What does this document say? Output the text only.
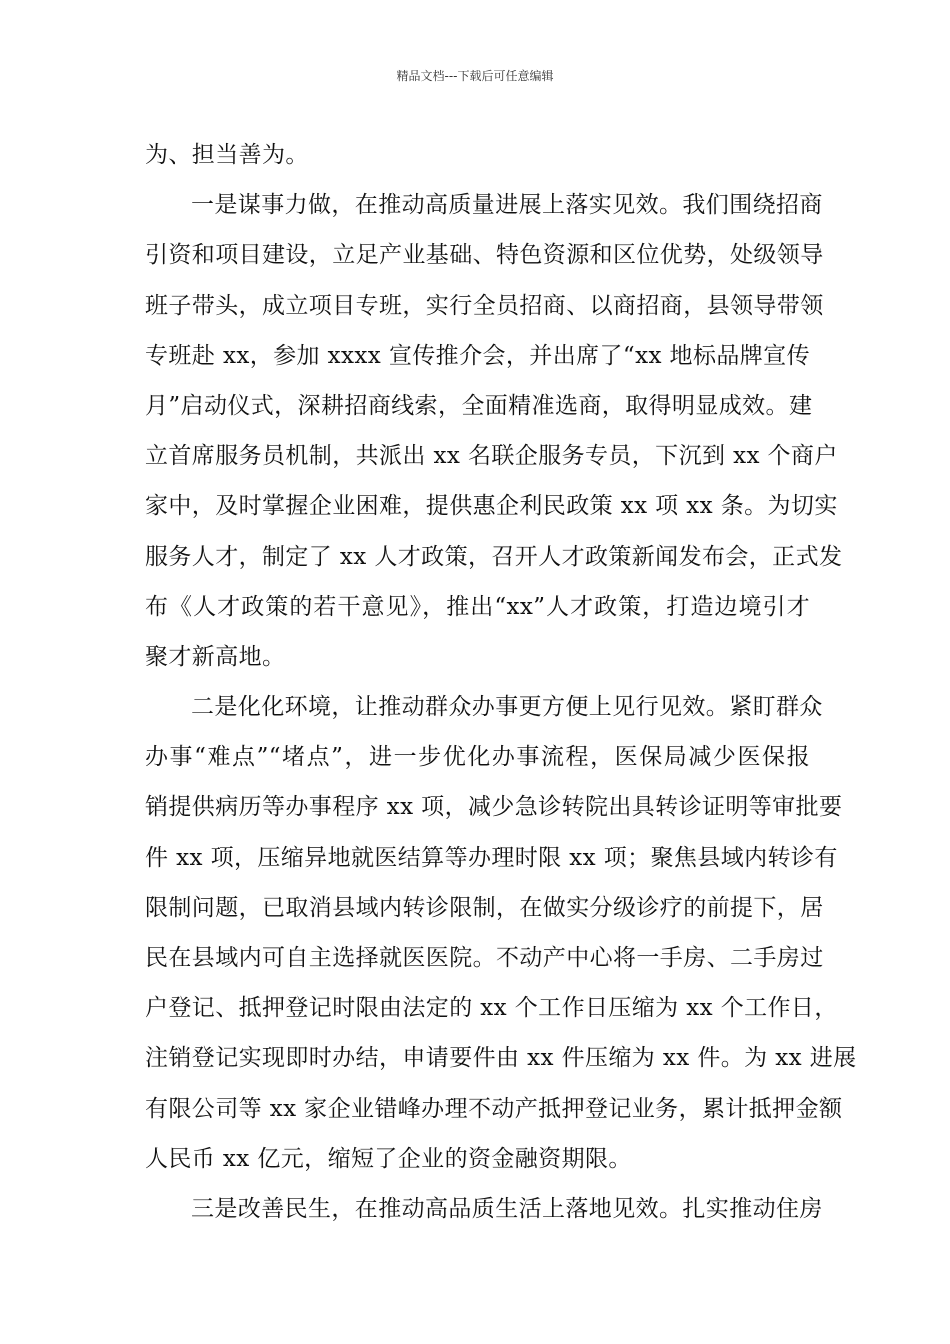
精品文档---下载后可任意编辑
为、担当善为。
一是谋事力做，在推动高质量进展上落实见效。我们围绕招商
引资和项目建设，立足产业基础、特色资源和区位优势，处级领导
班子带头，成立项目专班，实行全员招商、以商招商，县领导带领
专班赴 xx，参加 xxxx 宣传推介会，并出席了“xx 地标品牌宣传
月”启动仪式，深耕招商线索，全面精准选商，取得明显成效。建
立首席服务员机制，共派出 xx 名联企服务专员，下沉到 xx 个商户
家中，及时掌握企业困难，提供惠企利民政策 xx 项 xx 条。为切实
服务人才，制定了 xx 人才政策，召开人才政策新闻发布会，正式发
布《人才政策的若干意见》，推出“xx”人才政策，打造边境引才
聚才新高地。
二是化化环境，让推动群众办事更方便上见行见效。紧盯群众
办事“难点”“堵点”，进一步优化办事流程，医保局减少医保报
销提供病历等办事程序 xx 项，减少急诊转院出具转诊证明等审批要
件 xx 项，压缩异地就医结算等办理时限 xx 项；聚焦县域内转诊有
限制问题，已取消县域内转诊限制，在做实分级诊疗的前提下，居
民在县域内可自主选择就医医院。不动产中心将一手房、二手房过
户登记、抵押登记时限由法定的 xx 个工作日压缩为 xx 个工作日，
注销登记实现即时办结，申请要件由 xx 件压缩为 xx 件。为 xx 进展
有限公司等 xx 家企业错峰办理不动产抵押登记业务，累计抵押金额
人民币 xx 亿元，缩短了企业的资金融资期限。
三是改善民生，在推动高品质生活上落地见效。扎实推动住房
